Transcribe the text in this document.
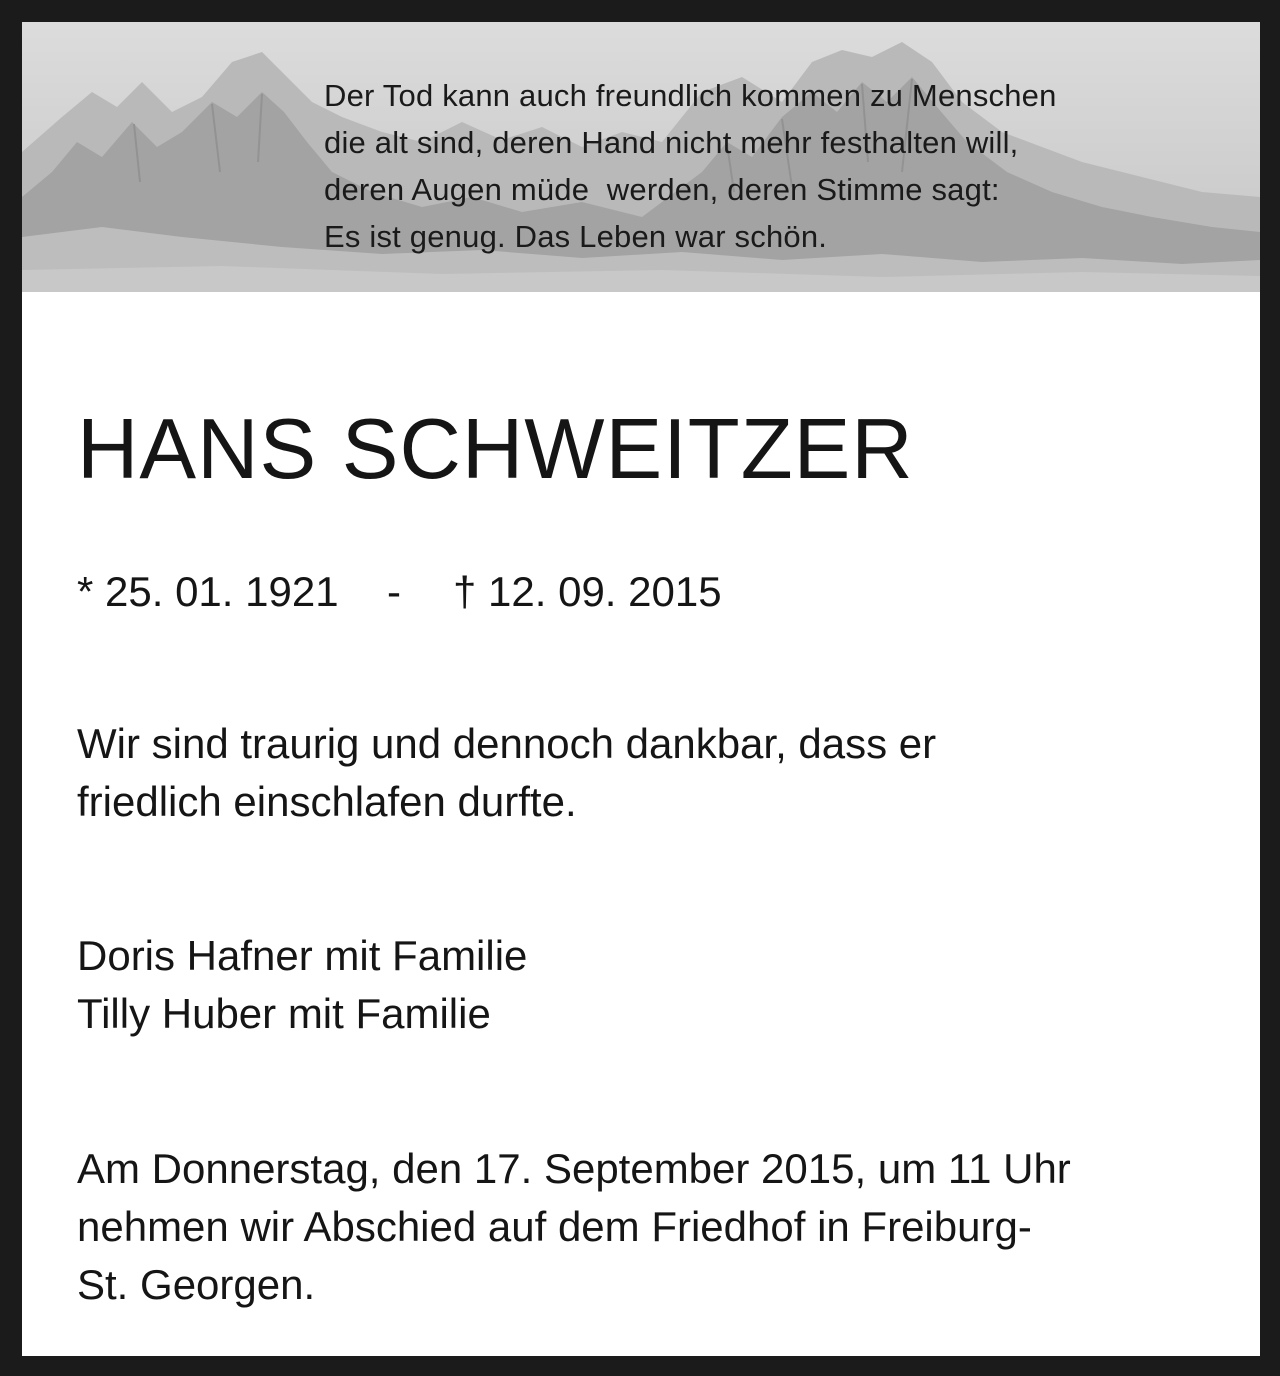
Der Tod kann auch freundlich kommen zu Menschen
die alt sind, deren Hand nicht mehr festhalten will,
deren Augen müde  werden, deren Stimme sagt:
Es ist genug. Das Leben war schön.
HANS SCHWEITZER

* 25. 01. 1921

-

† 12. 09. 2015

Wir sind traurig und dennoch dankbar, dass er
friedlich einschlafen durfte.

Doris Hafner mit Familie
Tilly Huber mit Familie

Am Donnerstag, den 17. September 2015, um 11 Uhr
nehmen wir Abschied auf dem Friedhof in Freiburg-
St. Georgen.
